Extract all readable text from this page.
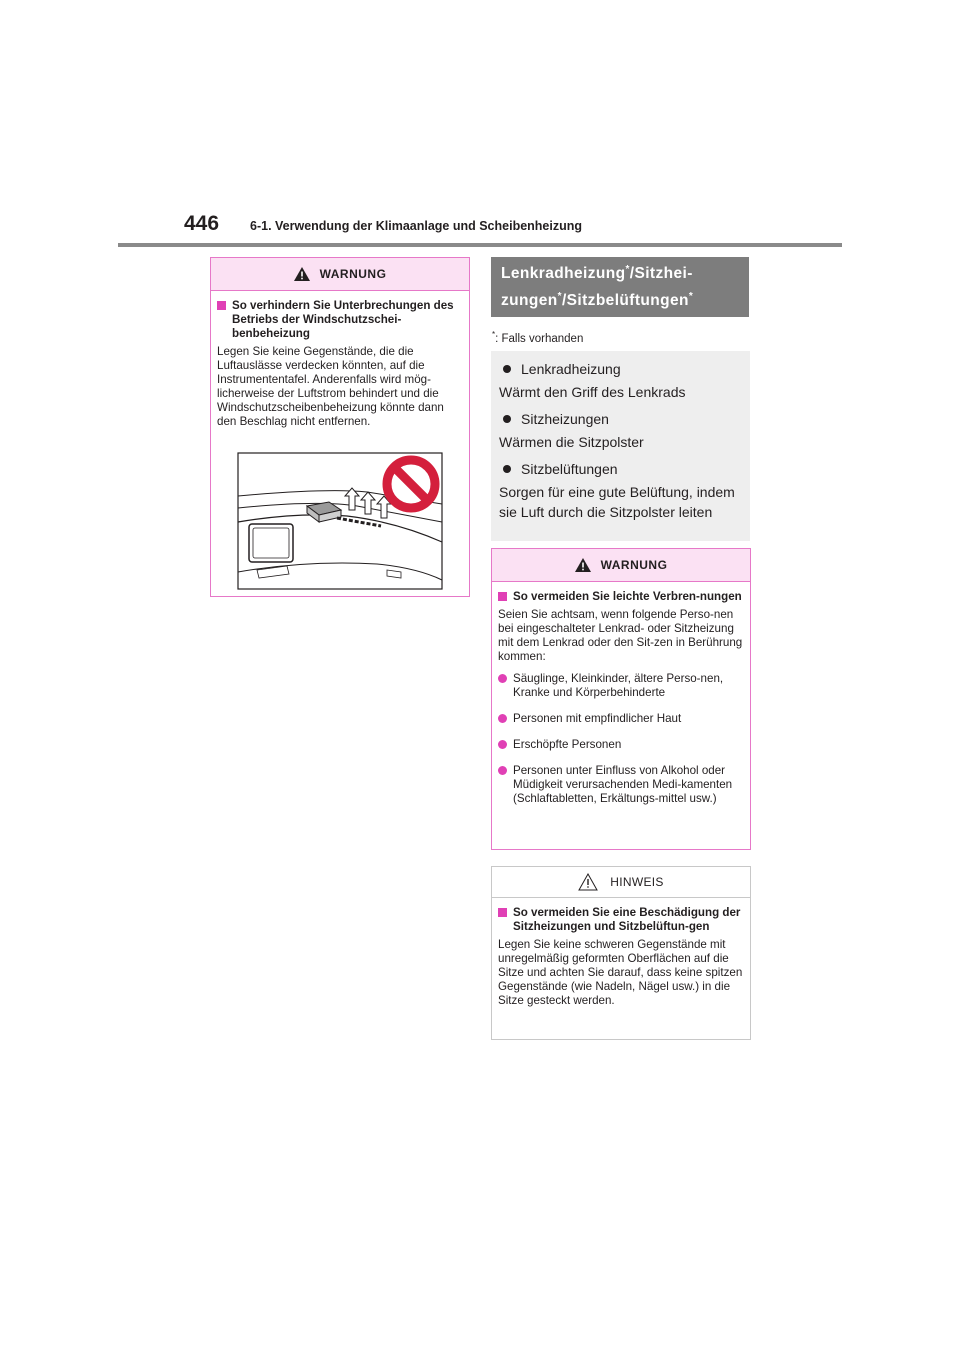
446 6-1. Verwendung der Klimaanlage und Scheibenheizung
WARNUNG
So verhindern Sie Unterbrechungen des Betriebs der Windschutzschei-benbeheizung

Legen Sie keine Gegenstände, die die Luftauslässe verdecken könnten, auf die Instrumententafel. Anderenfalls wird mög-licherweise der Luftstrom behindert und die Windschutzscheibenbeheizung könnte dann den Beschlag nicht entfernen.

Lenkradheizung*/Sitzhei-
zungen*/Sitzbelüftungen*
*: Falls vorhanden
Lenkradheizung
Wärmt den Griff des Lenkrads
Sitzheizungen
Wärmen die Sitzpolster
Sitzbelüftungen
Sorgen für eine gute Belüftung, indem sie Luft durch die Sitzpolster leiten
WARNUNG
So vermeiden Sie leichte Verbren-nungen

Seien Sie achtsam, wenn folgende Perso-nen bei eingeschalteter Lenkrad- oder Sitzheizung mit dem Lenkrad oder den Sit-zen in Berührung kommen:

Säuglinge, Kleinkinder, ältere Perso-nen, Kranke und Körperbehinderte
Personen mit empfindlicher Haut
Erschöpfte Personen
Personen unter Einfluss von Alkohol oder Müdigkeit verursachenden Medi-kamenten (Schlaftabletten, Erkältungs-mittel usw.)
HINWEIS
So vermeiden Sie eine Beschädigung der Sitzheizungen und Sitzbelüftun-gen

Legen Sie keine schweren Gegenstände mit unregelmäßig geformten Oberflächen auf die Sitze und achten Sie darauf, dass keine spitzen Gegenstände (wie Nadeln, Nägel usw.) in die Sitze gesteckt werden.
